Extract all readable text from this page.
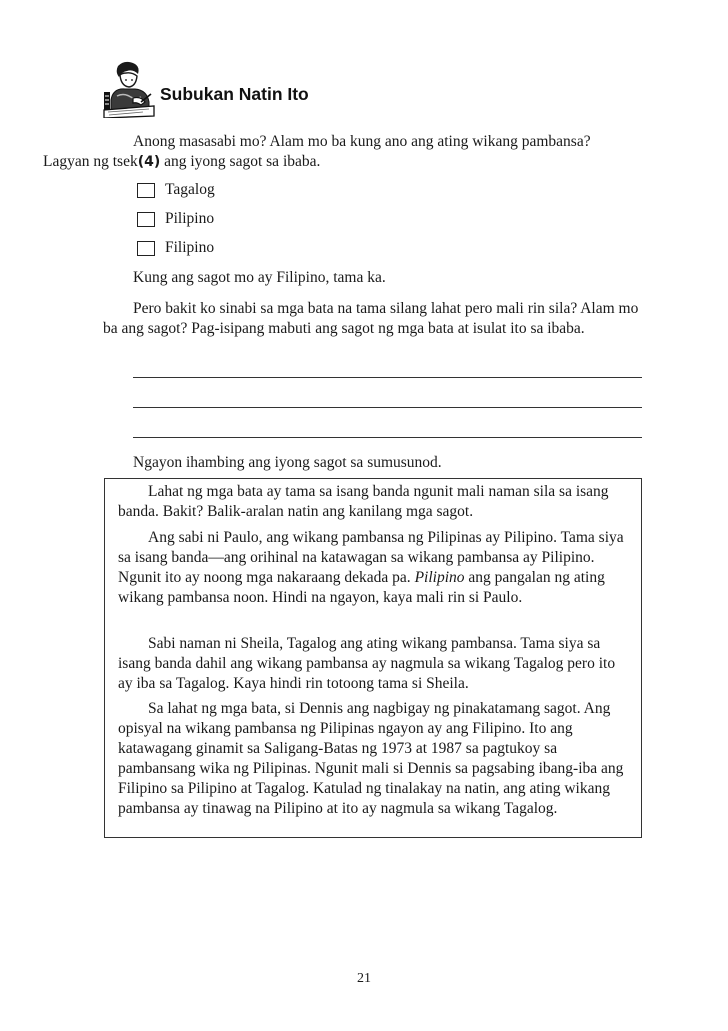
Subukan Natin Ito

Anong masasabi mo? Alam mo ba kung ano ang ating wikang pambansa?
Lagyan ng tsek(4) ang iyong sagot sa ibaba.

Tagalog
Pilipino
Filipino
Kung ang sagot mo ay Filipino, tama ka.

Pero bakit ko sinabi sa mga bata na tama silang lahat pero mali rin sila? Alam mo ba ang sagot? Pag-isipang mabuti ang sagot ng mga bata at isulat ito sa ibaba.

Ngayon ihambing ang iyong sagot sa sumusunod.

Lahat ng mga bata ay tama sa isang banda ngunit mali naman sila sa isang banda. Bakit? Balik-aralan natin ang kanilang mga sagot.

Ang sabi ni Paulo, ang wikang pambansa ng Pilipinas ay Pilipino. Tama siya sa isang banda—ang orihinal na katawagan sa wikang pambansa ay Pilipino. Ngunit ito ay noong mga nakaraang dekada pa. Pilipino ang pangalan ng ating wikang pambansa noon. Hindi na ngayon, kaya mali rin si Paulo.

Sabi naman ni Sheila, Tagalog ang ating wikang pambansa. Tama siya sa isang banda dahil ang wikang pambansa ay nagmula sa wikang Tagalog pero ito ay iba sa Tagalog. Kaya hindi rin totoong tama si Sheila.

Sa lahat ng mga bata, si Dennis ang nagbigay ng pinakatamang sagot. Ang opisyal na wikang pambansa ng Pilipinas ngayon ay ang Filipino. Ito ang katawagang ginamit sa Saligang-Batas ng 1973 at 1987 sa pagtukoy sa pambansang wika ng Pilipinas. Ngunit mali si Dennis sa pagsabing ibang-iba ang Filipino sa Pilipino at Tagalog. Katulad ng tinalakay na natin, ang ating wikang pambansa ay tinawag na Pilipino at ito ay nagmula sa wikang Tagalog.

21
